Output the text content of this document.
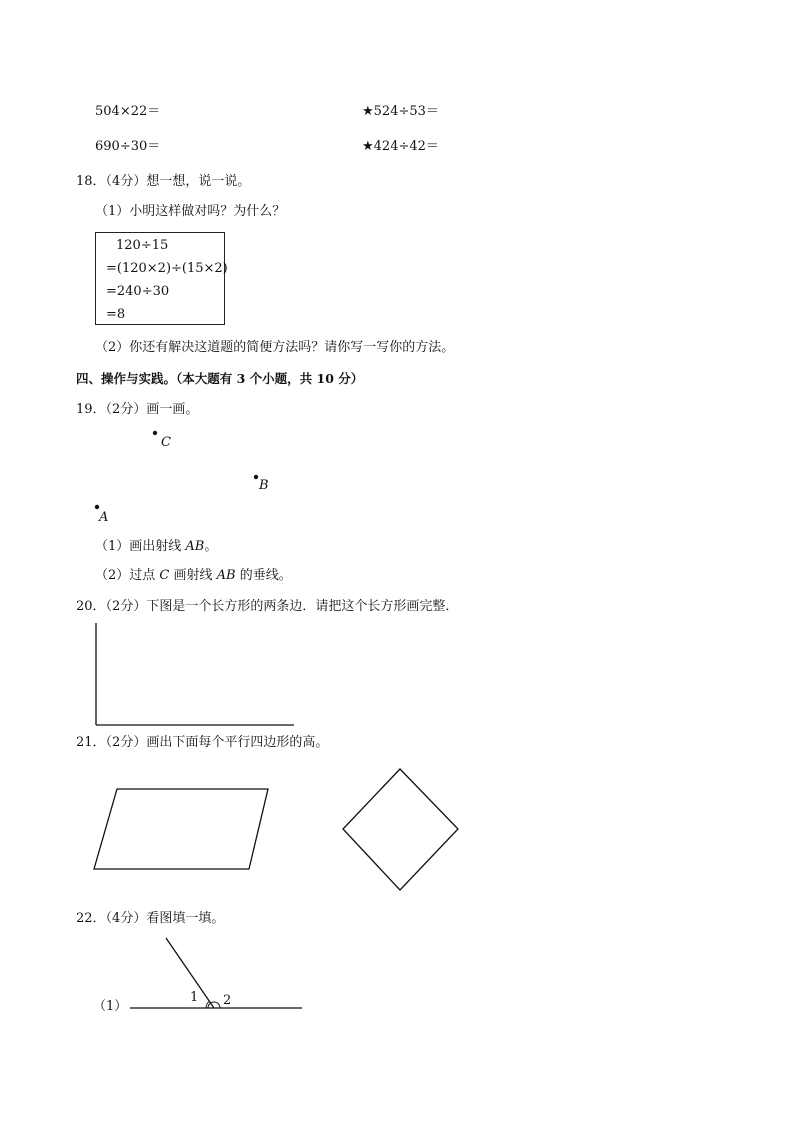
504×22＝	★524÷53＝
690÷30＝	★424÷42＝
18．（4分）想一想，说一说。
（1）小明这样做对吗？为什么？
120÷15
=(120×2)÷(15×2)
=240÷30
=8
（2）你还有解决这道题的简便方法吗？请你写一写你的方法。
四、操作与实践。（本大题有 3 个小题，共 10 分）
19．（2分）画一画。
C
B
A
（1）画出射线 AB。
（2）过点 C 画射线 AB 的垂线。
20．（2分）下图是一个长方形的两条边．请把这个长方形画完整．
21．（2分）画出下面每个平行四边形的高。
22．（4分）看图填一填。
（1）
1 2
